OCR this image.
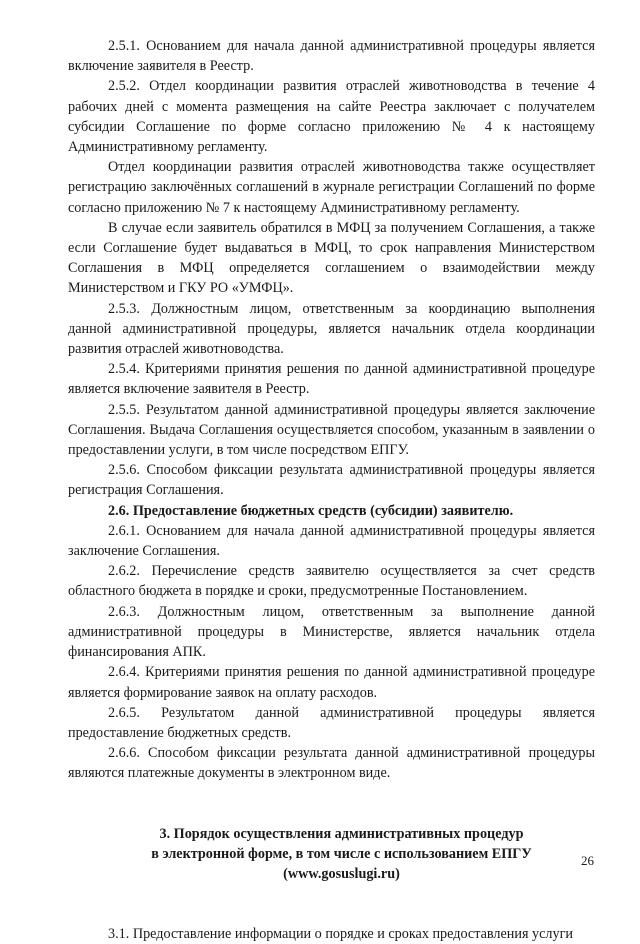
2.5.1. Основанием для начала данной административной процедуры является включение заявителя в Реестр.

2.5.2. Отдел координации развития отраслей животноводства в течение 4 рабочих дней с момента размещения на сайте Реестра заключает с получателем субсидии Соглашение по форме согласно приложению № 4 к настоящему Административному регламенту.

Отдел координации развития отраслей животноводства также осуществляет регистрацию заключённых соглашений в журнале регистрации Соглашений по форме согласно приложению № 7 к настоящему Административному регламенту.

В случае если заявитель обратился в МФЦ за получением Соглашения, а также если Соглашение будет выдаваться в МФЦ, то срок направления Министерством Соглашения в МФЦ определяется соглашением о взаимодействии между Министерством и ГКУ РО «УМФЦ».

2.5.3. Должностным лицом, ответственным за координацию выполнения данной административной процедуры, является начальник отдела координации развития отраслей животноводства.

2.5.4. Критериями принятия решения по данной административной процедуре является включение заявителя в Реестр.

2.5.5. Результатом данной административной процедуры является заключение Соглашения. Выдача Соглашения осуществляется способом, указанным в заявлении о предоставлении услуги, в том числе посредством ЕПГУ.

2.5.6. Способом фиксации результата административной процедуры является регистрация Соглашения.

2.6. Предоставление бюджетных средств (субсидии) заявителю.

2.6.1. Основанием для начала данной административной процедуры является заключение Соглашения.

2.6.2. Перечисление средств заявителю осуществляется за счет средств областного бюджета в порядке и сроки, предусмотренные Постановлением.

2.6.3. Должностным лицом, ответственным за выполнение данной административной процедуры в Министерстве, является начальник отдела финансирования АПК.

2.6.4. Критериями принятия решения по данной административной процедуре является формирование заявок на оплату расходов.

2.6.5. Результатом данной административной процедуры является предоставление бюджетных средств.

2.6.6. Способом фиксации результата данной административной процедуры являются платежные документы в электронном виде.

3. Порядок осуществления административных процедур

в электронной форме, в том числе с использованием ЕПГУ

(www.gosuslugi.ru)

3.1. Предоставление информации о порядке и сроках предоставления услуги

26
